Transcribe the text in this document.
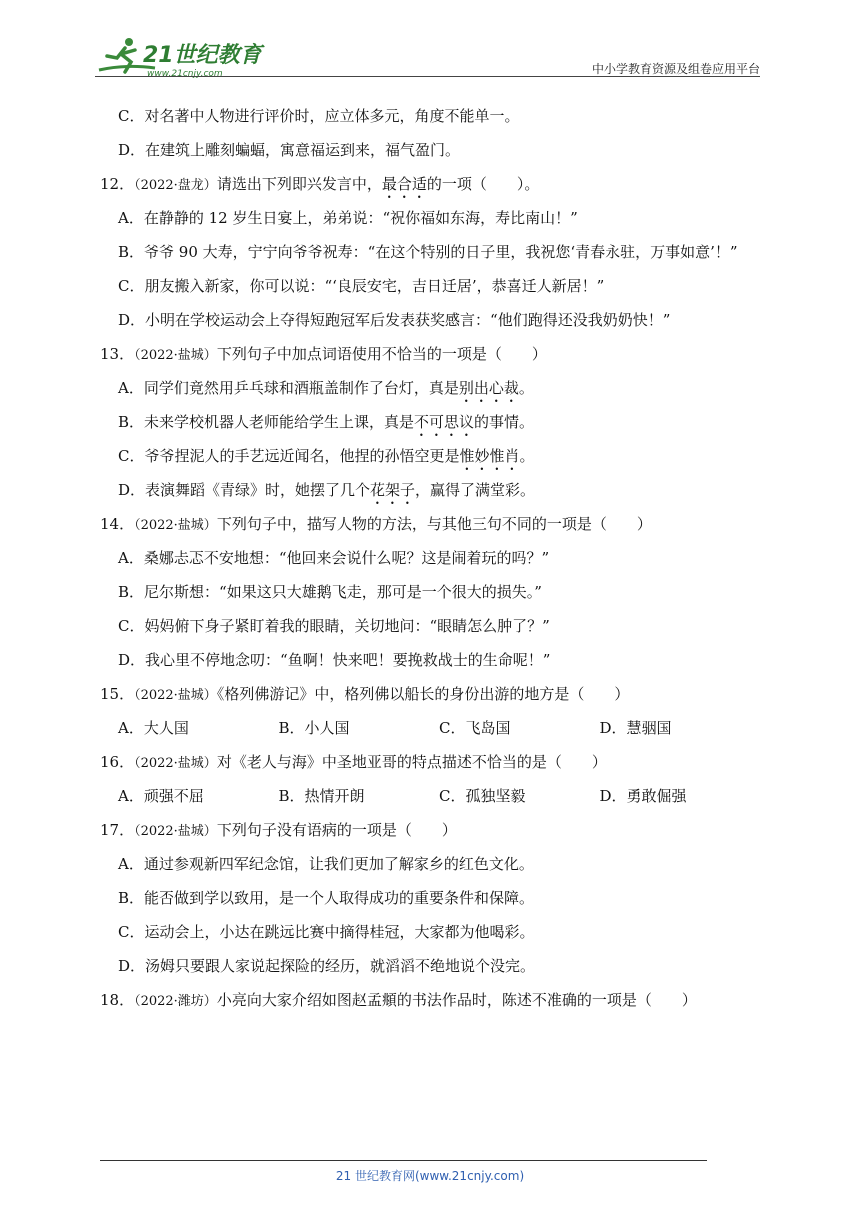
21世纪教育
www.21cnjy.com	中小学教育资源及组卷应用平台
C．对名著中人物进行评价时，应立体多元，角度不能单一。
D．在建筑上雕刻蝙蝠，寓意福运到来，福气盈门。
12．（2022·盘龙）请选出下列即兴发言中，最合适的一项（　　）。
A．在静静的 12 岁生日宴上，弟弟说：“祝你福如东海，寿比南山！”
B．爷爷 90 大寿，宁宁向爷爷祝寿：“在这个特别的日子里，我祝您‘青春永驻，万事如意’！”
C．朋友搬入新家，你可以说：“‘良辰安宅，吉日迁居’，恭喜迁人新居！”
D．小明在学校运动会上夺得短跑冠军后发表获奖感言：“他们跑得还没我奶奶快！”
13．（2022·盐城）下列句子中加点词语使用不恰当的一项是（　　）
A．同学们竟然用乒乓球和酒瓶盖制作了台灯，真是别出心裁。
B．未来学校机器人老师能给学生上课，真是不可思议的事情。
C．爷爷捏泥人的手艺远近闻名，他捏的孙悟空更是惟妙惟肖。
D．表演舞蹈《青绿》时，她摆了几个花架子，赢得了满堂彩。
14．（2022·盐城）下列句子中，描写人物的方法，与其他三句不同的一项是（　　）
A．桑娜忐忑不安地想：“他回来会说什么呢？这是闹着玩的吗？”
B．尼尔斯想：“如果这只大雄鹅飞走，那可是一个很大的损失。”
C．妈妈俯下身子紧盯着我的眼睛，关切地问：“眼睛怎么肿了？”
D．我心里不停地念叨：“鱼啊！快来吧！要挽救战士的生命呢！”
15．（2022·盐城）《格列佛游记》中，格列佛以船长的身份出游的地方是（　　）
A．大人国	B．小人国	C．飞岛国	D．慧骃国
16．（2022·盐城）对《老人与海》中圣地亚哥的特点描述不恰当的是（　　）
A．顽强不屈	B．热情开朗	C．孤独坚毅	D．勇敢倔强
17．（2022·盐城）下列句子没有语病的一项是（　　）
A．通过参观新四军纪念馆，让我们更加了解家乡的红色文化。
B．能否做到学以致用，是一个人取得成功的重要条件和保障。
C．运动会上，小达在跳远比赛中摘得桂冠，大家都为他喝彩。
D．汤姆只要跟人家说起探险的经历，就滔滔不绝地说个没完。
18．（2022·潍坊）小亮向大家介绍如图赵孟頫的书法作品时，陈述不准确的一项是（　　）
21 世纪教育网(www.21cnjy.com)
